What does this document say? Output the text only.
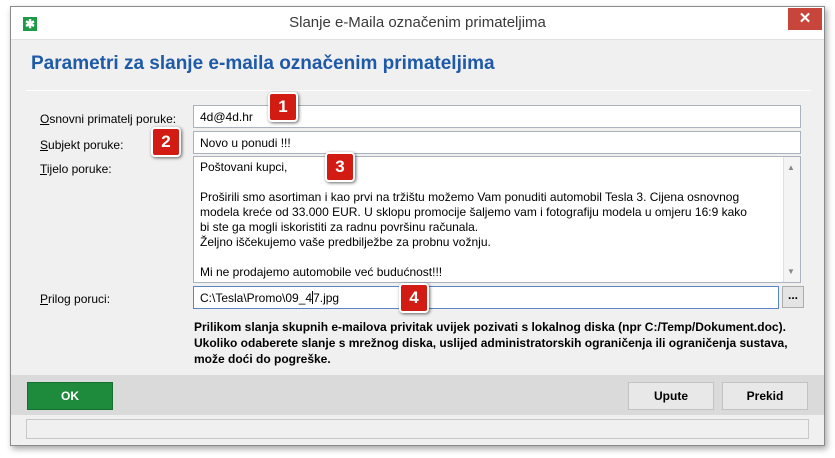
✱	Slanje e-Maila označenim primateljima	✕
Parametri za slanje e-maila označenim primateljima
Osnovni primatelj poruke:	4d@4d.hr
Subjekt poruke:	Novo u ponudi !!!
Tijelo poruke:	Poštovani kupci,
Proširili smo asortiman i kao prvi na tržištu možemo Vam ponuditi automobil Tesla 3. Cijena osnovnog
modela kreće od 33.000 EUR. U sklopu promocije šaljemo vam i fotografiju modela u omjeru 16:9 kako
bi ste ga mogli iskoristiti za radnu površinu računala.
Željno iščekujemo vaše predbilježbe za probnu vožnju.
Mi ne prodajemo automobile već budućnost!!!
▲
▼
Prilog poruci:	C:\Tesla\Promo\09_47.jpg	...

Prilikom slanja skupnih e-mailova privitak uvijek pozivati s lokalnog diska (npr C:/Temp/Dokument.doc).

Ukoliko odaberete slanje s mrežnog diska, uslijed administratorskih ograničenja ili ograničenja sustava,

može doći do pogreške.

OK	Upute	Prekid
1
2
3
4
